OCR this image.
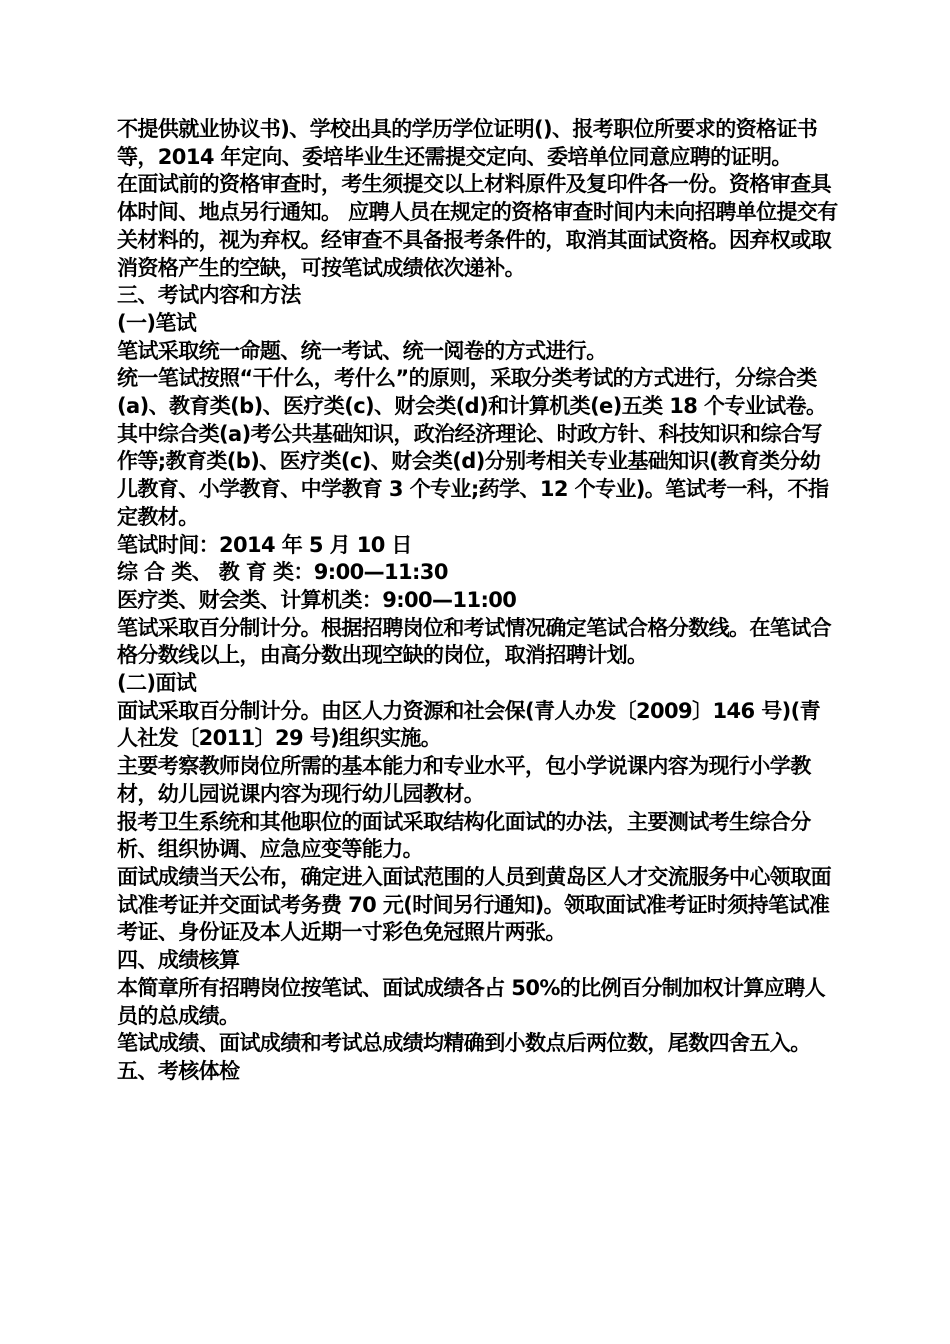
不提供就业协议书)、学校出具的学历学位证明()、报考职位所要求的资格证书等，2014 年定向、委培毕业生还需提交定向、委培单位同意应聘的证明。

在面试前的资格审查时，考生须提交以上材料原件及复印件各一份。资格审查具体时间、地点另行通知。 应聘人员在规定的资格审查时间内未向招聘单位提交有关材料的，视为弃权。经审查不具备报考条件的，取消其面试资格。因弃权或取消资格产生的空缺，可按笔试成绩依次递补。

三、考试内容和方法

(一)笔试

笔试采取统一命题、统一考试、统一阅卷的方式进行。

统一笔试按照“干什么，考什么”的原则，采取分类考试的方式进行，分综合类(a)、教育类(b)、医疗类(c)、财会类(d)和计算机类(e)五类 18 个专业试卷。其中综合类(a)考公共基础知识，政治经济理论、时政方针、科技知识和综合写作等;教育类(b)、医疗类(c)、财会类(d)分别考相关专业基础知识(教育类分幼儿教育、小学教育、中学教育 3 个专业;药学、12 个专业)。笔试考一科，不指定教材。

笔试时间：2014 年 5 月 10 日

综 合 类、 教 育 类：9:00—11:30

医疗类、财会类、计算机类：9:00—11:00

笔试采取百分制计分。根据招聘岗位和考试情况确定笔试合格分数线。在笔试合格分数线以上，由高分数出现空缺的岗位，取消招聘计划。

(二)面试

面试采取百分制计分。由区人力资源和社会保(青人办发〔2009〕146 号)(青人社发〔2011〕29 号)组织实施。

主要考察教师岗位所需的基本能力和专业水平，包小学说课内容为现行小学教材，幼儿园说课内容为现行幼儿园教材。

报考卫生系统和其他职位的面试采取结构化面试的办法，主要测试考生综合分析、组织协调、应急应变等能力。

面试成绩当天公布，确定进入面试范围的人员到黄岛区人才交流服务中心领取面试准考证并交面试考务费 70 元(时间另行通知)。领取面试准考证时须持笔试准考证、身份证及本人近期一寸彩色免冠照片两张。

四、成绩核算

本简章所有招聘岗位按笔试、面试成绩各占 50%的比例百分制加权计算应聘人员的总成绩。

笔试成绩、面试成绩和考试总成绩均精确到小数点后两位数，尾数四舍五入。

五、考核体检
